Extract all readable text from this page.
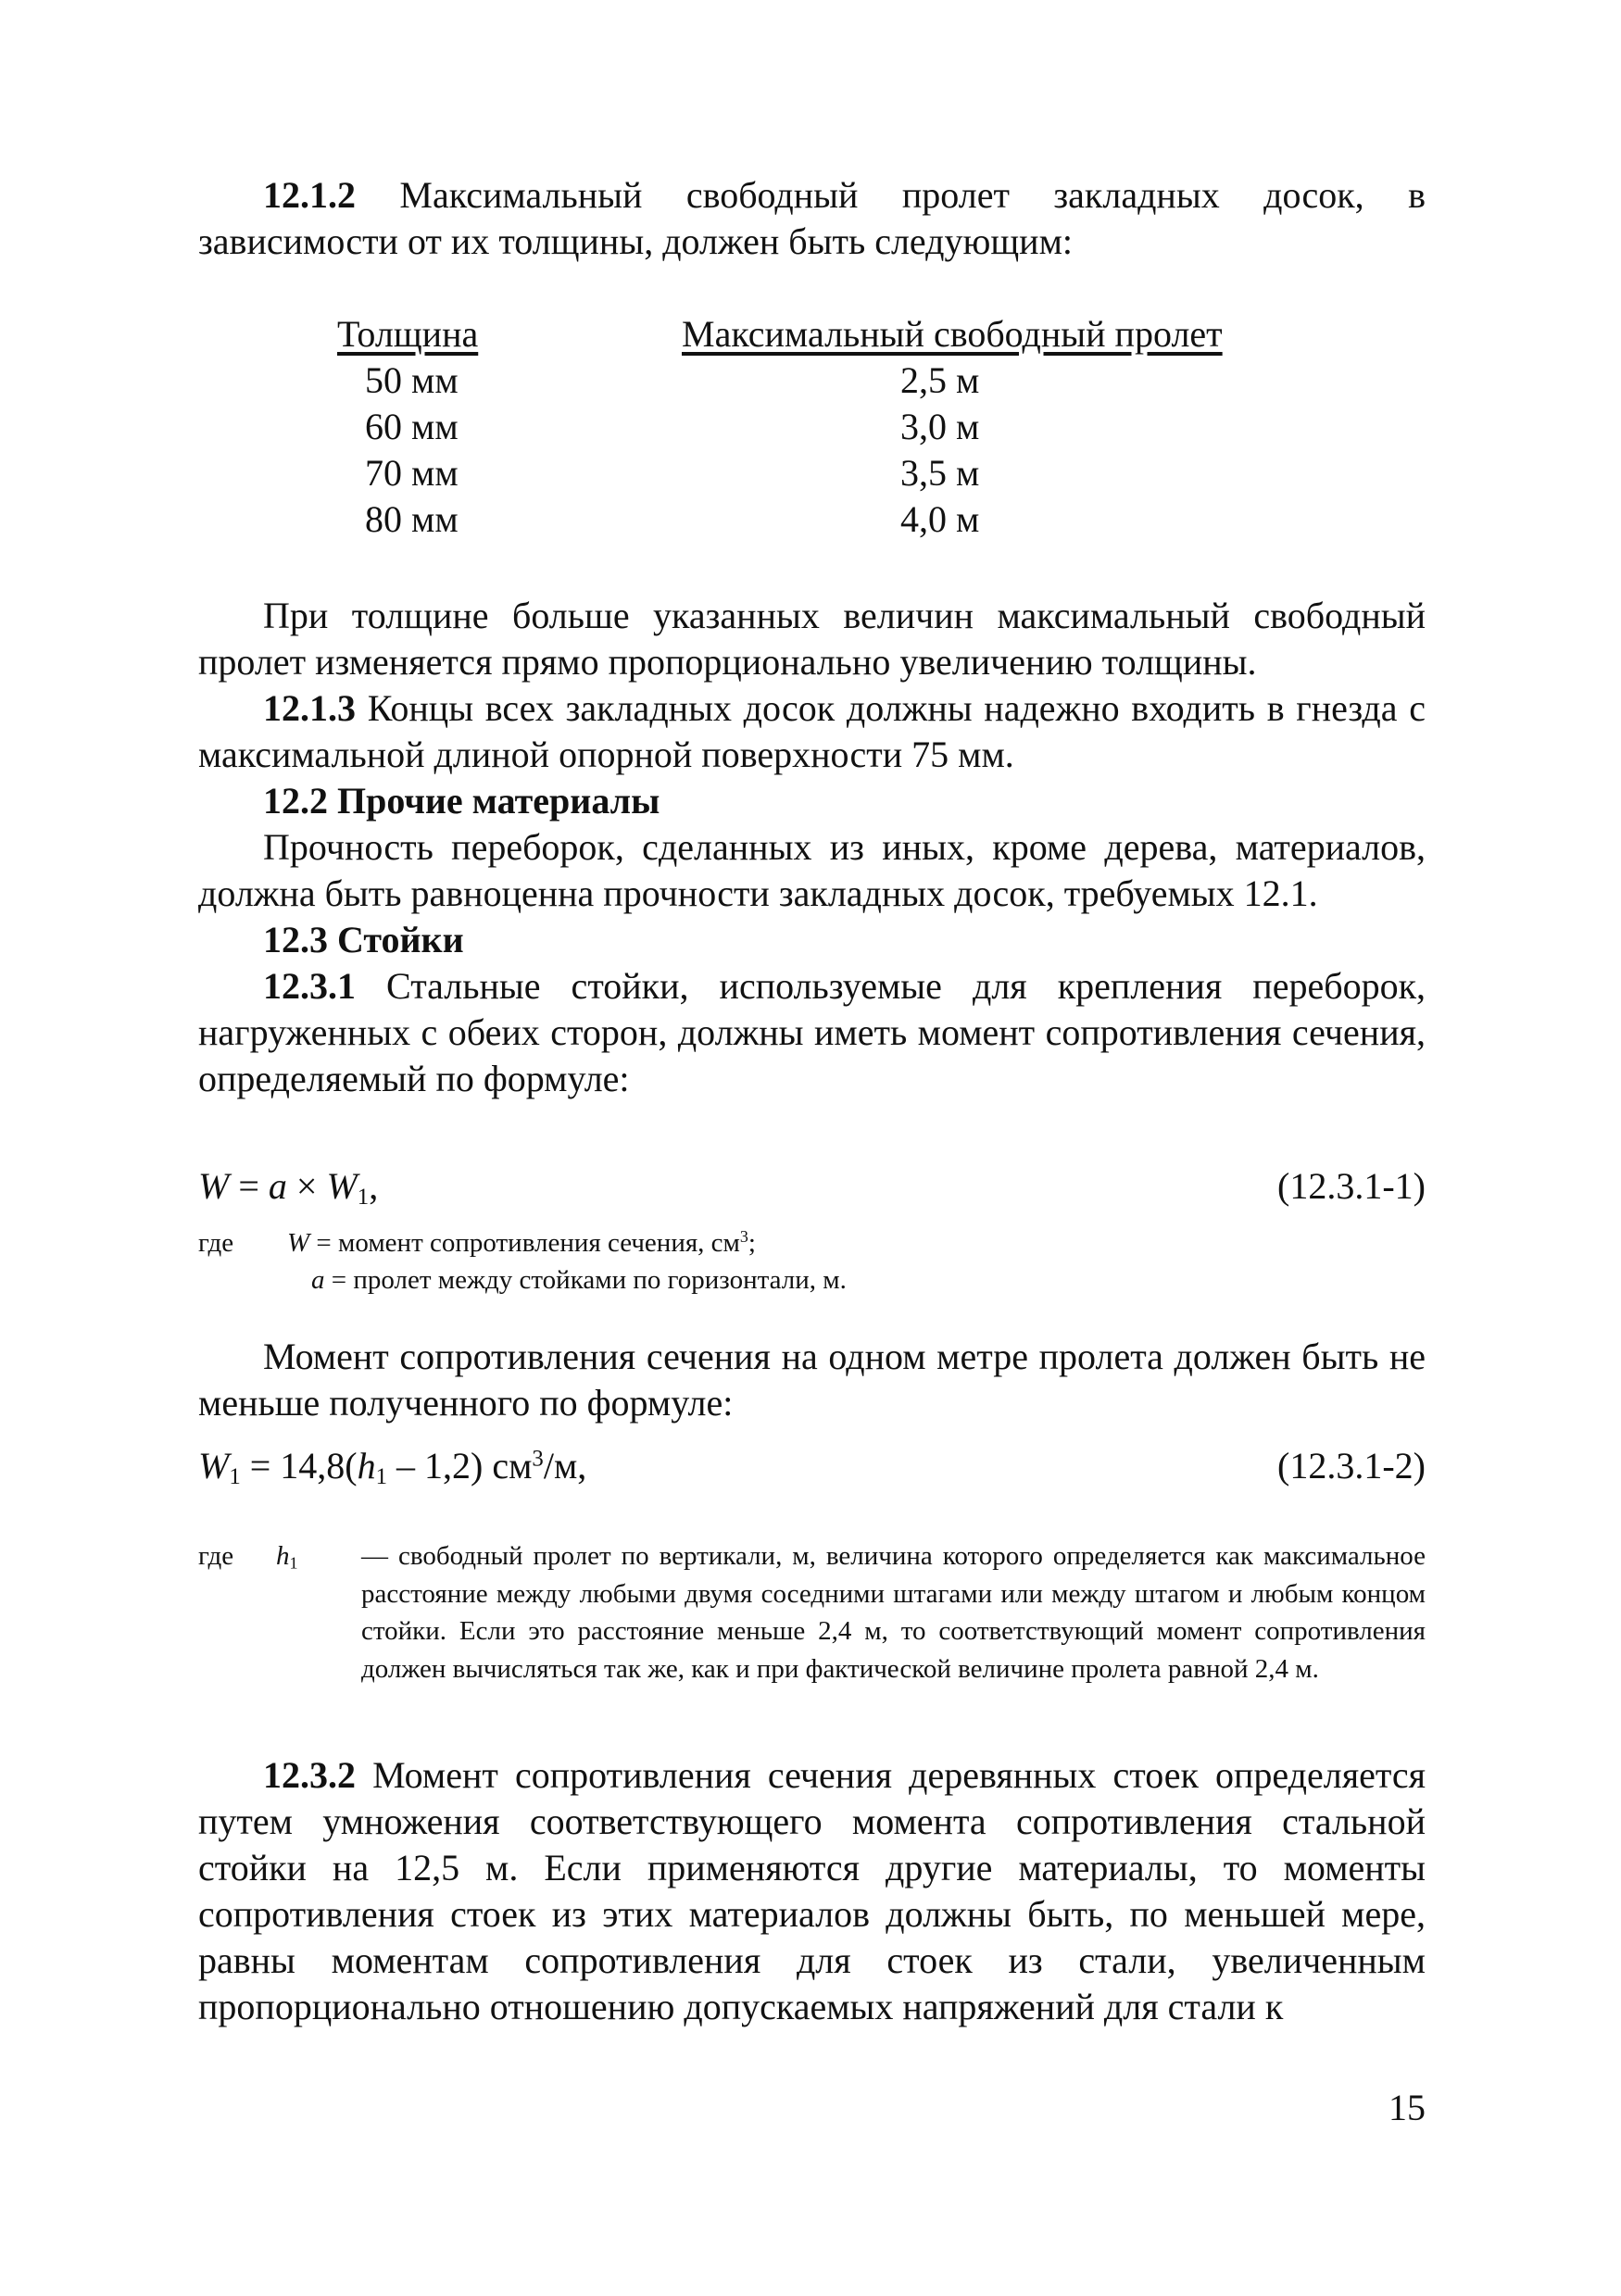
12.1.2 Максимальный свободный пролет закладных досок, в зависимости от их толщины, должен быть следующим:

Толщина
50 мм
60 мм
70 мм
80 мм
Максимальный свободный пролет
2,5 м
3,0 м
3,5 м
4,0 м

При толщине больше указанных величин максимальный свободный пролет изменяется прямо пропорционально увеличению толщины.

12.1.3 Концы всех закладных досок должны надежно входить в гнезда с максимальной длиной опорной поверхности 75 мм.

12.2 Прочие материалы

Прочность переборок, сделанных из иных, кроме дерева, материалов, должна быть равноценна прочности закладных досок, требуемых 12.1.

12.3 Стойки

12.3.1 Стальные стойки, используемые для крепления переборок, нагруженных с обеих сторон, должны иметь момент сопротивления сечения, определяемый по формуле:

$W = a \times W_1$,	(12.3.1-1)
где W = момент сопротивления сечения, $см^3$;
a = пролет между стойками по горизонтали, м.

Момент сопротивления сечения на одном метре пролета должен быть не меньше полученного по формуле:

$W_1 = 14,8(h_1 - 1,2)$ $см^3/м$,	(12.3.1-2)
где $h_1$ — свободный пролет по вертикали, м, величина которого определяется как максимальное расстояние между любыми двумя соседними штагами или между штагом и любым концом стойки. Если это расстояние меньше 2,4 м, то соответствующий момент сопротивления должен вычисляться так же, как и при фактической величине пролета равной 2,4 м.

12.3.2 Момент сопротивления сечения деревянных стоек определяется путем умножения соответствующего момента сопротивления стальной стойки на 12,5 м. Если применяются другие материалы, то моменты сопротивления стоек из этих материалов должны быть, по меньшей мере, равны моментам сопротивления для стоек из стали, увеличенным пропорционально отношению допускаемых напряжений для стали к

15
